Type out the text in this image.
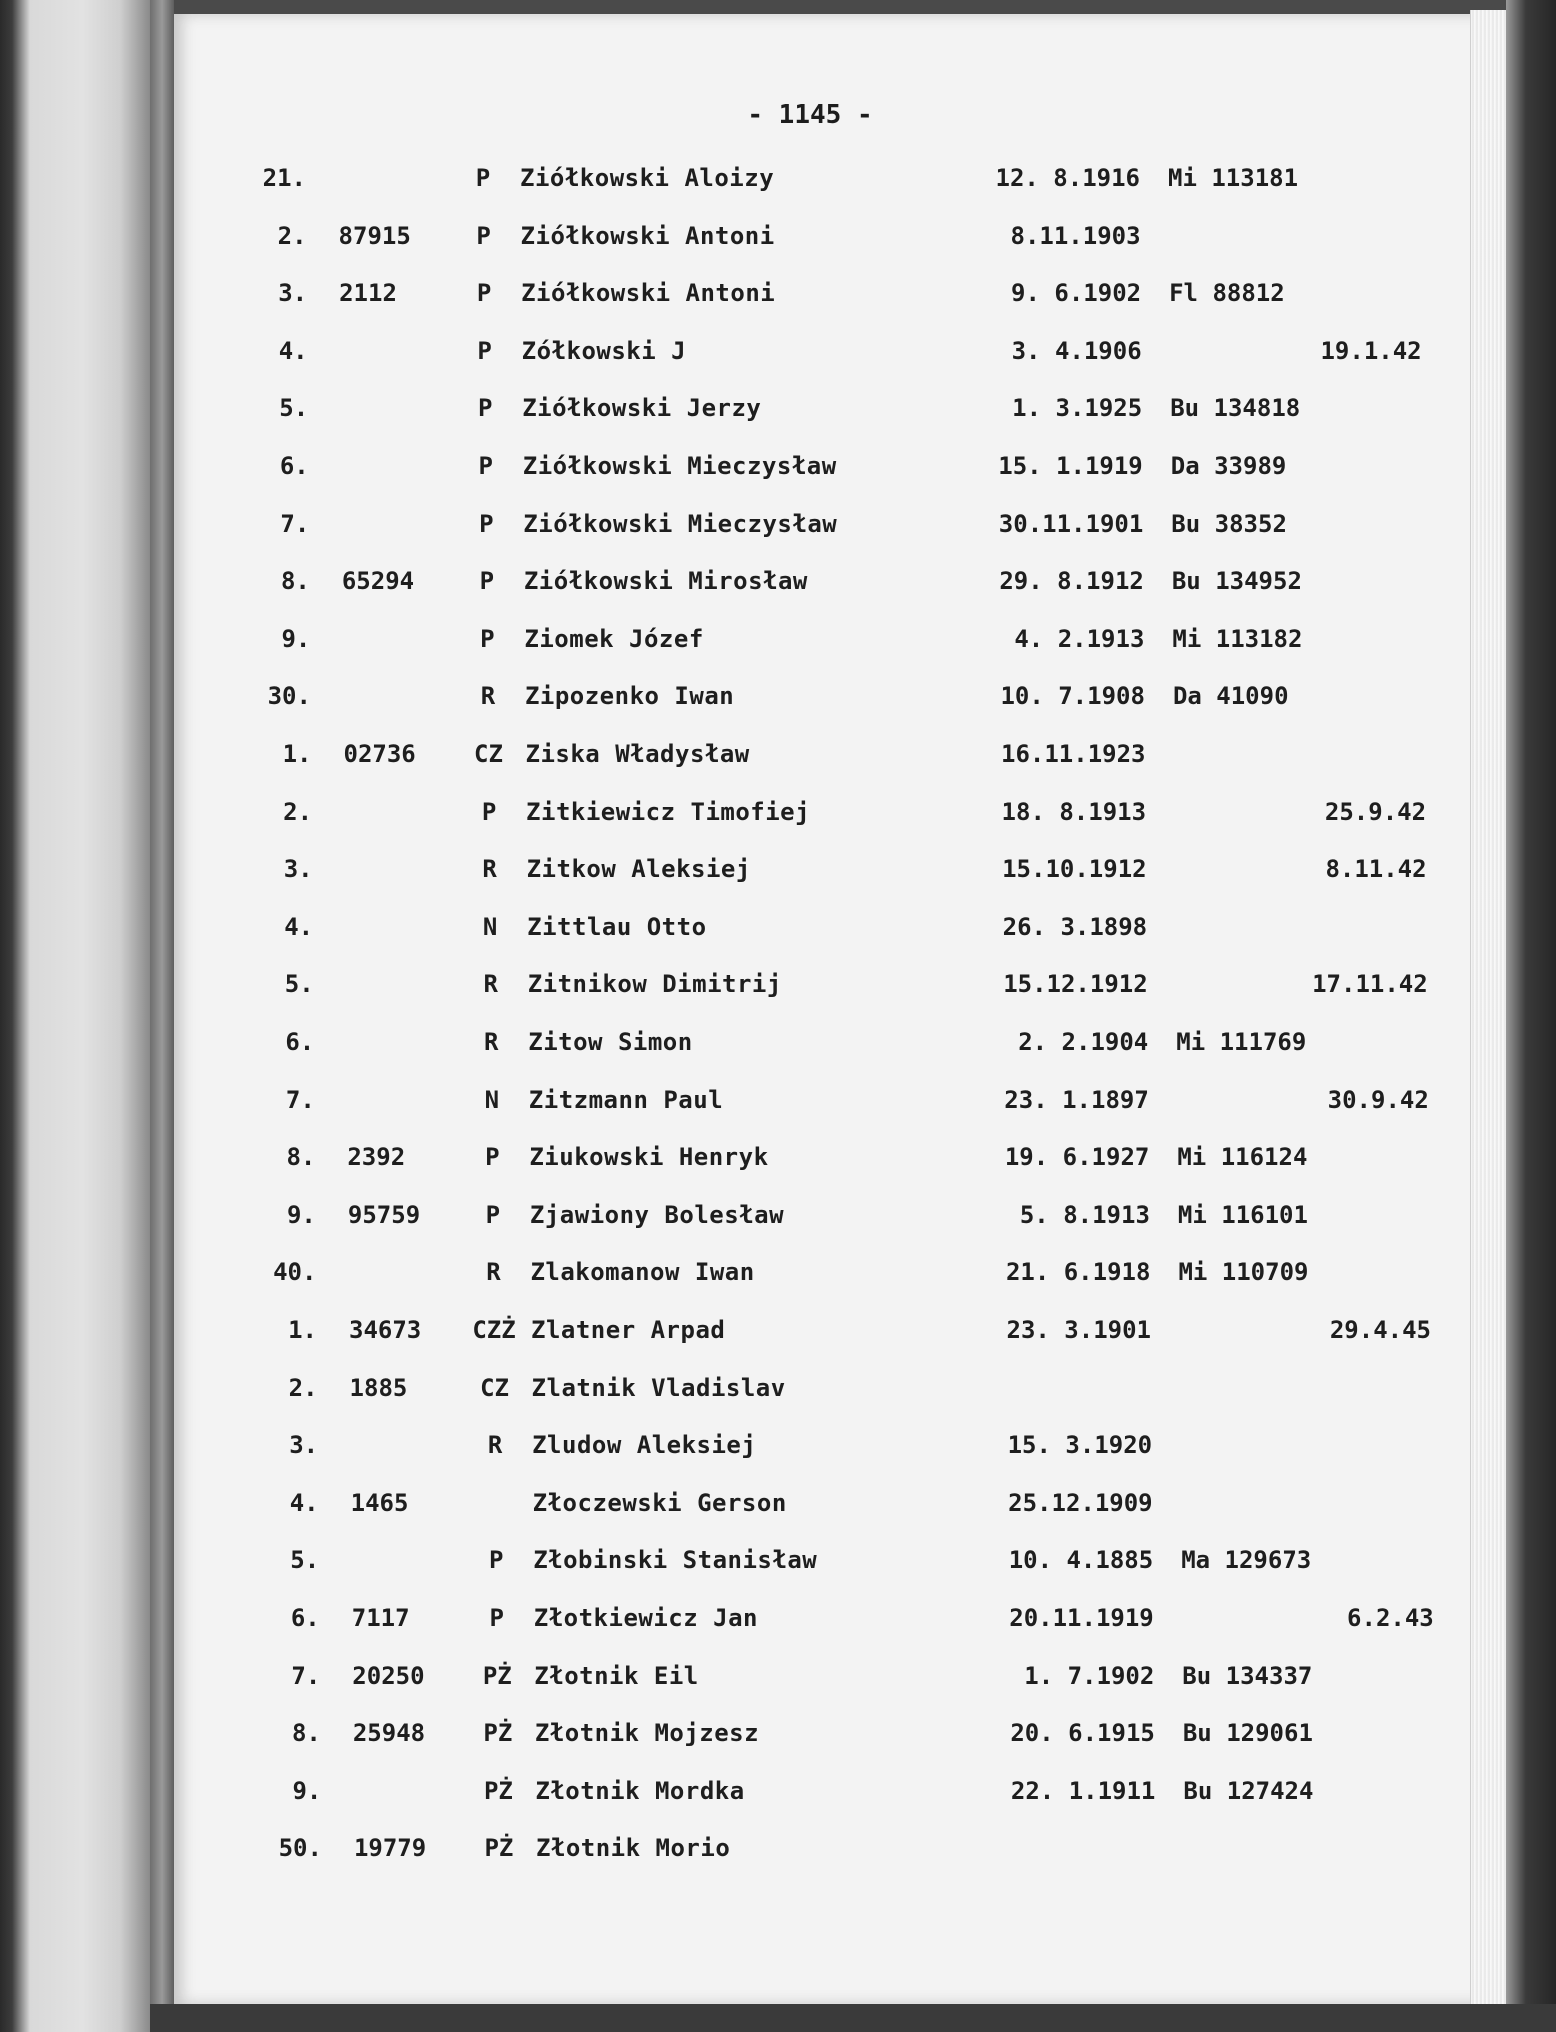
- 1145 -
21.	P	Ziółkowski Aloizy	12. 8.1916 Mi 113181
2. 87915	P	Ziółkowski Antoni	8.11.1903
3. 2112	P	Ziółkowski Antoni	9. 6.1902 Fl 88812
4.	P	Zółkowski J	3. 4.1906	19.1.42
5.	P	Ziółkowski Jerzy	1. 3.1925 Bu 134818
6.	P	Ziółkowski Mieczysław	15. 1.1919 Da 33989
7.	P	Ziółkowski Mieczysław	30.11.1901 Bu 38352
8. 65294	P	Ziółkowski Mirosław	29. 8.1912 Bu 134952
9.	P	Ziomek Józef	4. 2.1913 Mi 113182
30.	R	Zipozenko Iwan	10. 7.1908 Da 41090
1. 02736	CZ Ziska Władysław	16.11.1923
2.	P	Zitkiewicz Timofiej	18. 8.1913	25.9.42
3.	R	Zitkow Aleksiej	15.10.1912	8.11.42
4.	N	Zittlau Otto	26. 3.1898
5.	R	Zitnikow Dimitrij	15.12.1912	17.11.42
6.	R	Zitow Simon	2. 2.1904 Mi 111769
7.	N	Zitzmann Paul	23. 1.1897	30.9.42
8. 2392	P	Ziukowski Henryk	19. 6.1927 Mi 116124
9. 95759	P	Zjawiony Bolesław	5. 8.1913 Mi 116101
40.	R	Zlakomanow Iwan	21. 6.1918 Mi 110709
1. 34673	CZŻ Zlatner Arpad	23. 3.1901	29.4.45
2. 1885	CZ Zlatnik Vladislav
3.	R	Zludow Aleksiej	15. 3.1920
4. 1465	Złoczewski Gerson	25.12.1909
5.	P	Złobinski Stanisław	10. 4.1885 Ma 129673
6. 7117	P	Złotkiewicz Jan	20.11.1919	6.2.43
7. 20250	PŻ Złotnik Eil	1. 7.1902 Bu 134337
8. 25948	PŻ Złotnik Mojzesz	20. 6.1915 Bu 129061
9.	PŻ Złotnik Mordka	22. 1.1911 Bu 127424
50. 19779	PŻ Złotnik Morio
